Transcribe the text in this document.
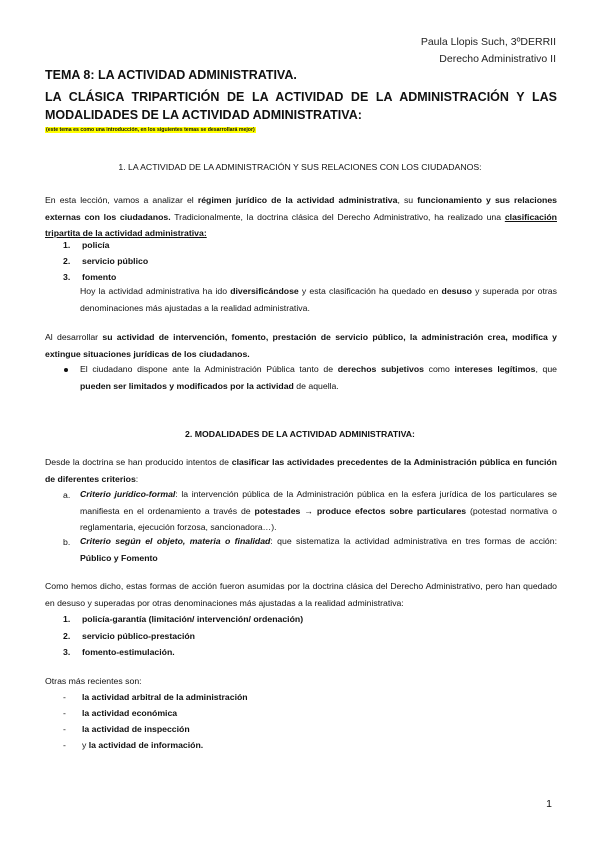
Paula Llopis Such, 3ºDERRII
Derecho Administrativo II
TEMA 8: LA ACTIVIDAD ADMINISTRATIVA.
LA CLÁSICA TRIPARTICIÓN DE LA ACTIVIDAD DE LA ADMINISTRACIÓN Y LAS
MODALIDADES DE LA ACTIVIDAD ADMINISTRATIVA:
(este tema es como una introducción, en los siguientes temas se desarrollará mejor)
1. LA ACTIVIDAD DE LA ADMINISTRACIÓN Y SUS RELACIONES CON LOS CIUDADANOS:

En esta lección, vamos a analizar el régimen jurídico de la actividad administrativa, su funcionamiento y sus relaciones externas con los ciudadanos. Tradicionalmente, la doctrina clásica del Derecho Administrativo, ha realizado una clasificación tripartita de la actividad administrativa:

1. policía
2. servicio público
3. fomento

Hoy la actividad administrativa ha ido diversificándose y esta clasificación ha quedado en desuso y superada por otras denominaciones más ajustadas a la realidad administrativa.

Al desarrollar su actividad de intervención, fomento, prestación de servicio público, la administración crea, modifica y extingue situaciones jurídicas de los ciudadanos.

El ciudadano dispone ante la Administración Pública tanto de derechos subjetivos como intereses legítimos, que pueden ser limitados y modificados por la actividad de aquella.

2. MODALIDADES DE LA ACTIVIDAD ADMINISTRATIVA:

Desde la doctrina se han producido intentos de clasificar las actividades precedentes de la Administración pública en función de diferentes criterios:

a. Criterio jurídico-formal: la intervención pública de la Administración pública en la esfera jurídica de los particulares se manifiesta en el ordenamiento a través de potestades → produce efectos sobre particulares (potestad normativa o reglamentaria, ejecución forzosa, sancionadora…).

b. Criterio según el objeto, materia o finalidad: que sistematiza la actividad administrativa en tres formas de acción: Público y Fomento

Como hemos dicho, estas formas de acción fueron asumidas por la doctrina clásica del Derecho Administrativo, pero han quedado en desuso y superadas por otras denominaciones más ajustadas a la realidad administrativa:

1. policía-garantía (limitación/ intervención/ ordenación)
2. servicio público-prestación
3. fomento-estimulación.
Otras más recientes son:
- la actividad arbitral de la administración
- la actividad económica
- la actividad de inspección
- y la actividad de información.
1
